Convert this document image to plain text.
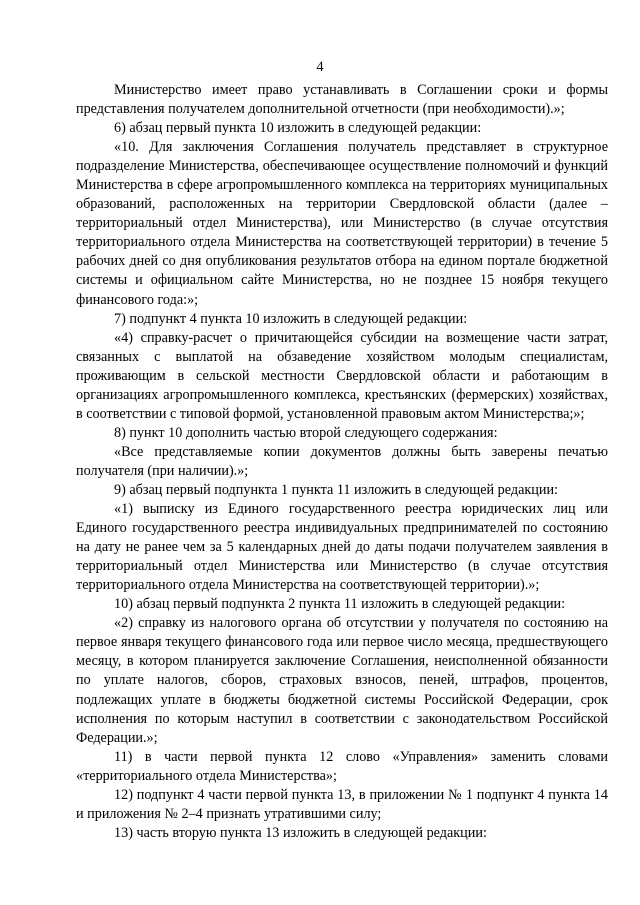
4

Министерство имеет право устанавливать в Соглашении сроки и формы представления получателем дополнительной отчетности (при необходимости).»;

6) абзац первый пункта 10 изложить в следующей редакции:

«10. Для заключения Соглашения получатель представляет в структурное подразделение Министерства, обеспечивающее осуществление полномочий и функций Министерства в сфере агропромышленного комплекса на территориях муниципальных образований, расположенных на территории Свердловской области (далее – территориальный отдел Министерства), или Министерство (в случае отсутствия территориального отдела Министерства на соответствующей территории) в течение 5 рабочих дней со дня опубликования результатов отбора на едином портале бюджетной системы и официальном сайте Министерства, но не позднее 15 ноября текущего финансового года:»;

7) подпункт 4 пункта 10 изложить в следующей редакции:

«4) справку-расчет о причитающейся субсидии на возмещение части затрат, связанных с выплатой на обзаведение хозяйством молодым специалистам, проживающим в сельской местности Свердловской области и работающим в организациях агропромышленного комплекса, крестьянских (фермерских) хозяйствах, в соответствии с типовой формой, установленной правовым актом Министерства;»;

8) пункт 10 дополнить частью второй следующего содержания:

«Все представляемые копии документов должны быть заверены печатью получателя (при наличии).»;

9) абзац первый подпункта 1 пункта 11 изложить в следующей редакции:

«1) выписку из Единого государственного реестра юридических лиц или Единого государственного реестра индивидуальных предпринимателей по состоянию на дату не ранее чем за 5 календарных дней до даты подачи получателем заявления в территориальный отдел Министерства или Министерство (в случае отсутствия территориального отдела Министерства на соответствующей территории).»;

10) абзац первый подпункта 2 пункта 11 изложить в следующей редакции:

«2) справку из налогового органа об отсутствии у получателя по состоянию на первое января текущего финансового года или первое число месяца, предшествующего месяцу, в котором планируется заключение Соглашения, неисполненной обязанности по уплате налогов, сборов, страховых взносов, пеней, штрафов, процентов, подлежащих уплате в бюджеты бюджетной системы Российской Федерации, срок исполнения по которым наступил в соответствии с законодательством Российской Федерации.»;

11) в части первой пункта 12 слово «Управления» заменить словами «территориального отдела Министерства»;

12) подпункт 4 части первой пункта 13, в приложении № 1 подпункт 4 пункта 14 и приложения № 2–4 признать утратившими силу;

13) часть вторую пункта 13 изложить в следующей редакции:
